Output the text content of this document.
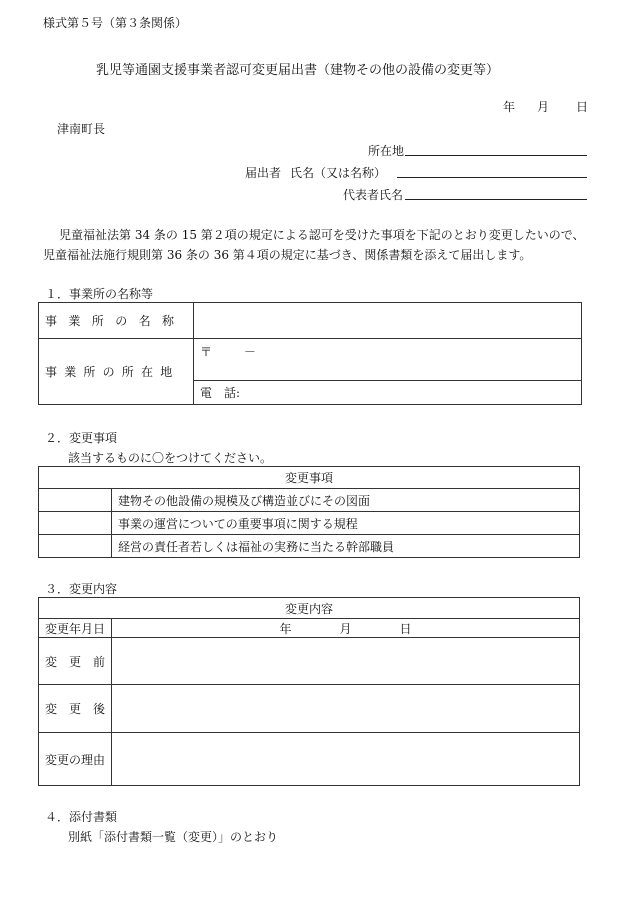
様式第５号（第３条関係）
乳児等通園支援事業者認可変更届出書（建物その他の設備の変更等）
年 月 日
津南町長
所在地
届出者 氏名（又は名称）
代表者氏名
児童福祉法第 34 条の 15 第２項の規定による認可を受けた事項を下記のとおり変更したいので、
児童福祉法施行規則第 36 条の 36 第４項の規定に基づき、関係書類を添えて届出します。
１．事業所の名称等
事業所の名称	
事業所の所在地	〒 －
	電　話:
２．変更事項
該当するものに〇をつけてください。
変更事項	
	建物その他設備の規模及び構造並びにその図面
	事業の運営についての重要事項に関する規程
	経営の責任者若しくは福祉の実務に当たる幹部職員
３．変更内容
変更内容	
変更年月日	年 月 日
変　更　前	
変　更　後	
変更の理由	
４．添付書類
別紙「添付書類一覧（変更）」のとおり
